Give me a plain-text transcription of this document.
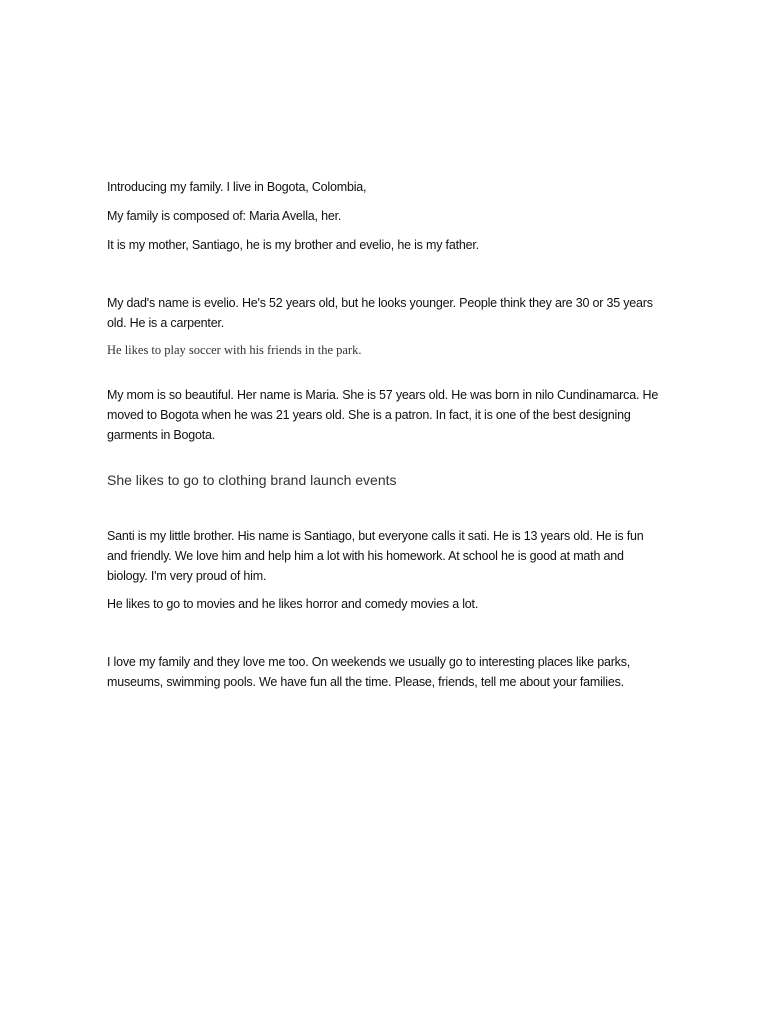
Introducing my family. I live in Bogota, Colombia,

My family is composed of: Maria Avella, her.

It is my mother, Santiago, he is my brother and evelio, he is my father.

My dad's name is evelio. He's 52 years old, but he looks younger. People think they are 30 or 35 years old. He is a carpenter.

He likes to play soccer with his friends in the park.

My mom is so beautiful. Her name is Maria. She is 57 years old. He was born in nilo Cundinamarca. He moved to Bogota when he was 21 years old. She is a patron. In fact, it is one of the best designing garments in Bogota.

She likes to go to clothing brand launch events

Santi is my little brother. His name is Santiago, but everyone calls it sati. He is 13 years old. He is fun and friendly. We love him and help him a lot with his homework. At school he is good at math and biology. I'm very proud of him.

He likes to go to movies and he likes horror and comedy movies a lot.

I love my family and they love me too. On weekends we usually go to interesting places like parks, museums, swimming pools. We have fun all the time. Please, friends, tell me about your families.
